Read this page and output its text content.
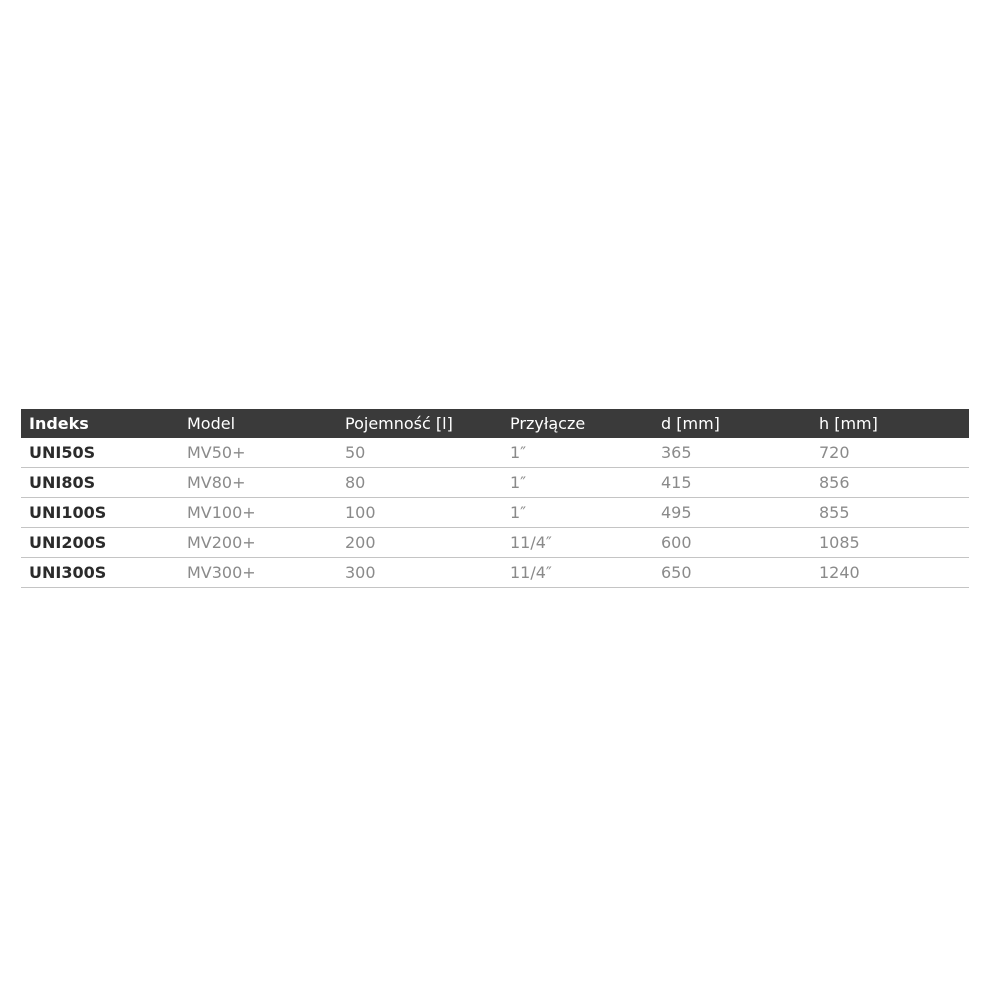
Indeks	Model	Pojemność [l]	Przyłącze	d [mm]	h [mm]
UNI50S	MV50+	50	1″	365	720
UNI80S	MV80+	80	1″	415	856
UNI100S	MV100+	100	1″	495	855
UNI200S	MV200+	200	11/4″	600	1085
UNI300S	MV300+	300	11/4″	650	1240
